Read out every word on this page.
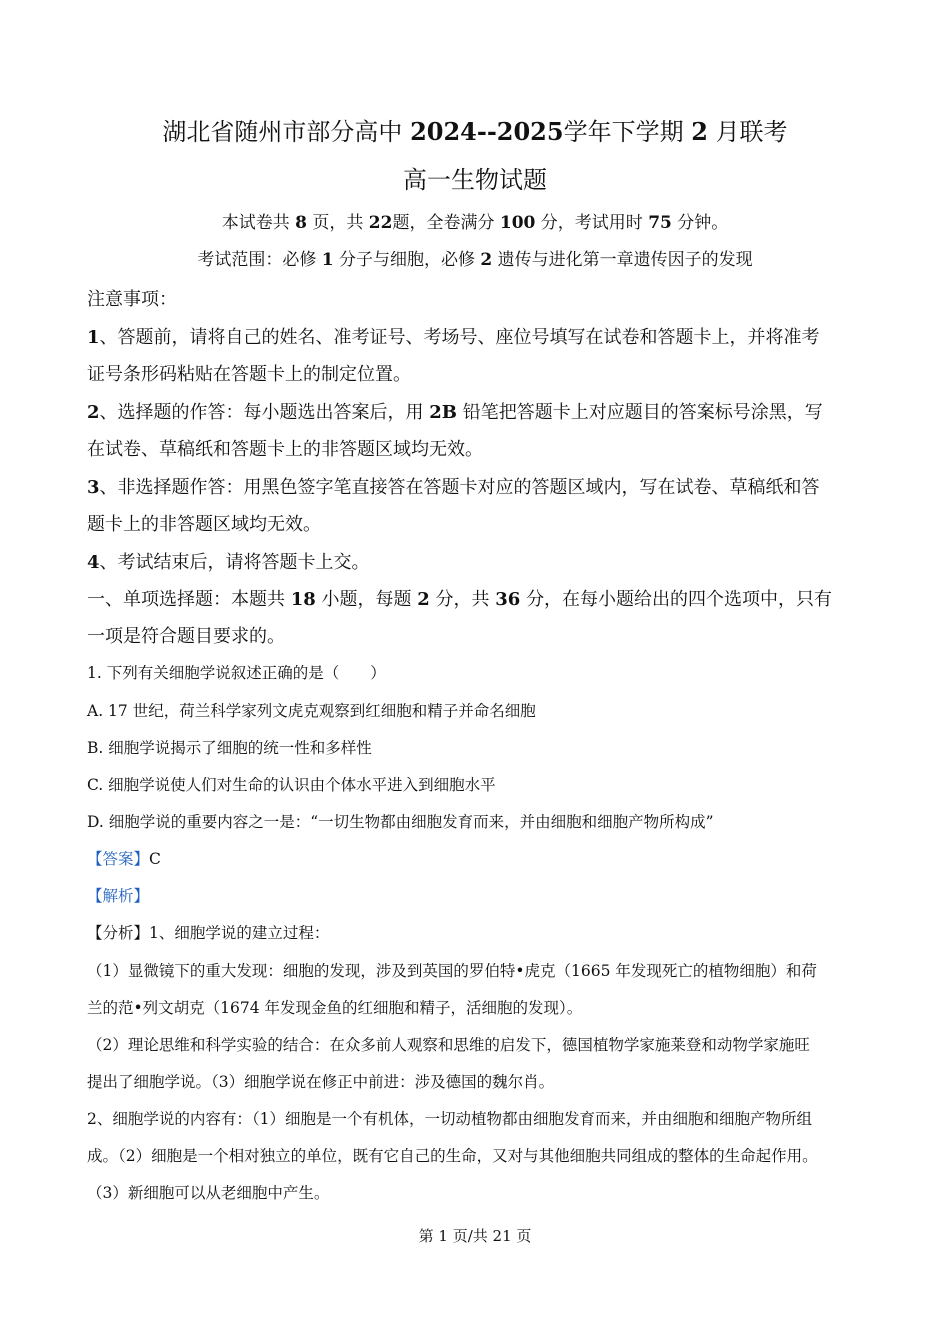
湖北省随州市部分高中 2024--2025学年下学期 2 月联考
高一生物试题
本试卷共 8 页，共 22题，全卷满分 100 分，考试用时 75 分钟。
考试范围：必修 1 分子与细胞，必修 2 遗传与进化第一章遗传因子的发现
注意事项：
1、答题前，请将自己的姓名、准考证号、考场号、座位号填写在试卷和答题卡上，并将准考
证号条形码粘贴在答题卡上的制定位置。
2、选择题的作答：每小题选出答案后，用 2B 铅笔把答题卡上对应题目的答案标号涂黑，写
在试卷、草稿纸和答题卡上的非答题区域均无效。
3、非选择题作答：用黑色签字笔直接答在答题卡对应的答题区域内，写在试卷、草稿纸和答
题卡上的非答题区域均无效。
4、考试结束后，请将答题卡上交。
一、单项选择题：本题共 18 小题，每题 2 分，共 36 分，在每小题给出的四个选项中，只有
一项是符合题目要求的。
1. 下列有关细胞学说叙述正确的是（　　）
A. 17 世纪，荷兰科学家列文虎克观察到红细胞和精子并命名细胞
B. 细胞学说揭示了细胞的统一性和多样性
C. 细胞学说使人们对生命的认识由个体水平进入到细胞水平
D. 细胞学说的重要内容之一是：“一切生物都由细胞发育而来，并由细胞和细胞产物所构成”
【答案】C
【解析】
【分析】1、细胞学说的建立过程：
（1）显微镜下的重大发现：细胞的发现，涉及到英国的罗伯特•虎克（1665 年发现死亡的植物细胞）和荷
兰的范•列文胡克（1674 年发现金鱼的红细胞和精子，活细胞的发现）。
（2）理论思维和科学实验的结合：在众多前人观察和思维的启发下，德国植物学家施莱登和动物学家施旺
提出了细胞学说。（3）细胞学说在修正中前进：涉及德国的魏尔肖。
2、细胞学说的内容有：（1）细胞是一个有机体，一切动植物都由细胞发育而来，并由细胞和细胞产物所组
成。（2）细胞是一个相对独立的单位，既有它自己的生命，又对与其他细胞共同组成的整体的生命起作用。
（3）新细胞可以从老细胞中产生。
第 1 页/共 21 页
